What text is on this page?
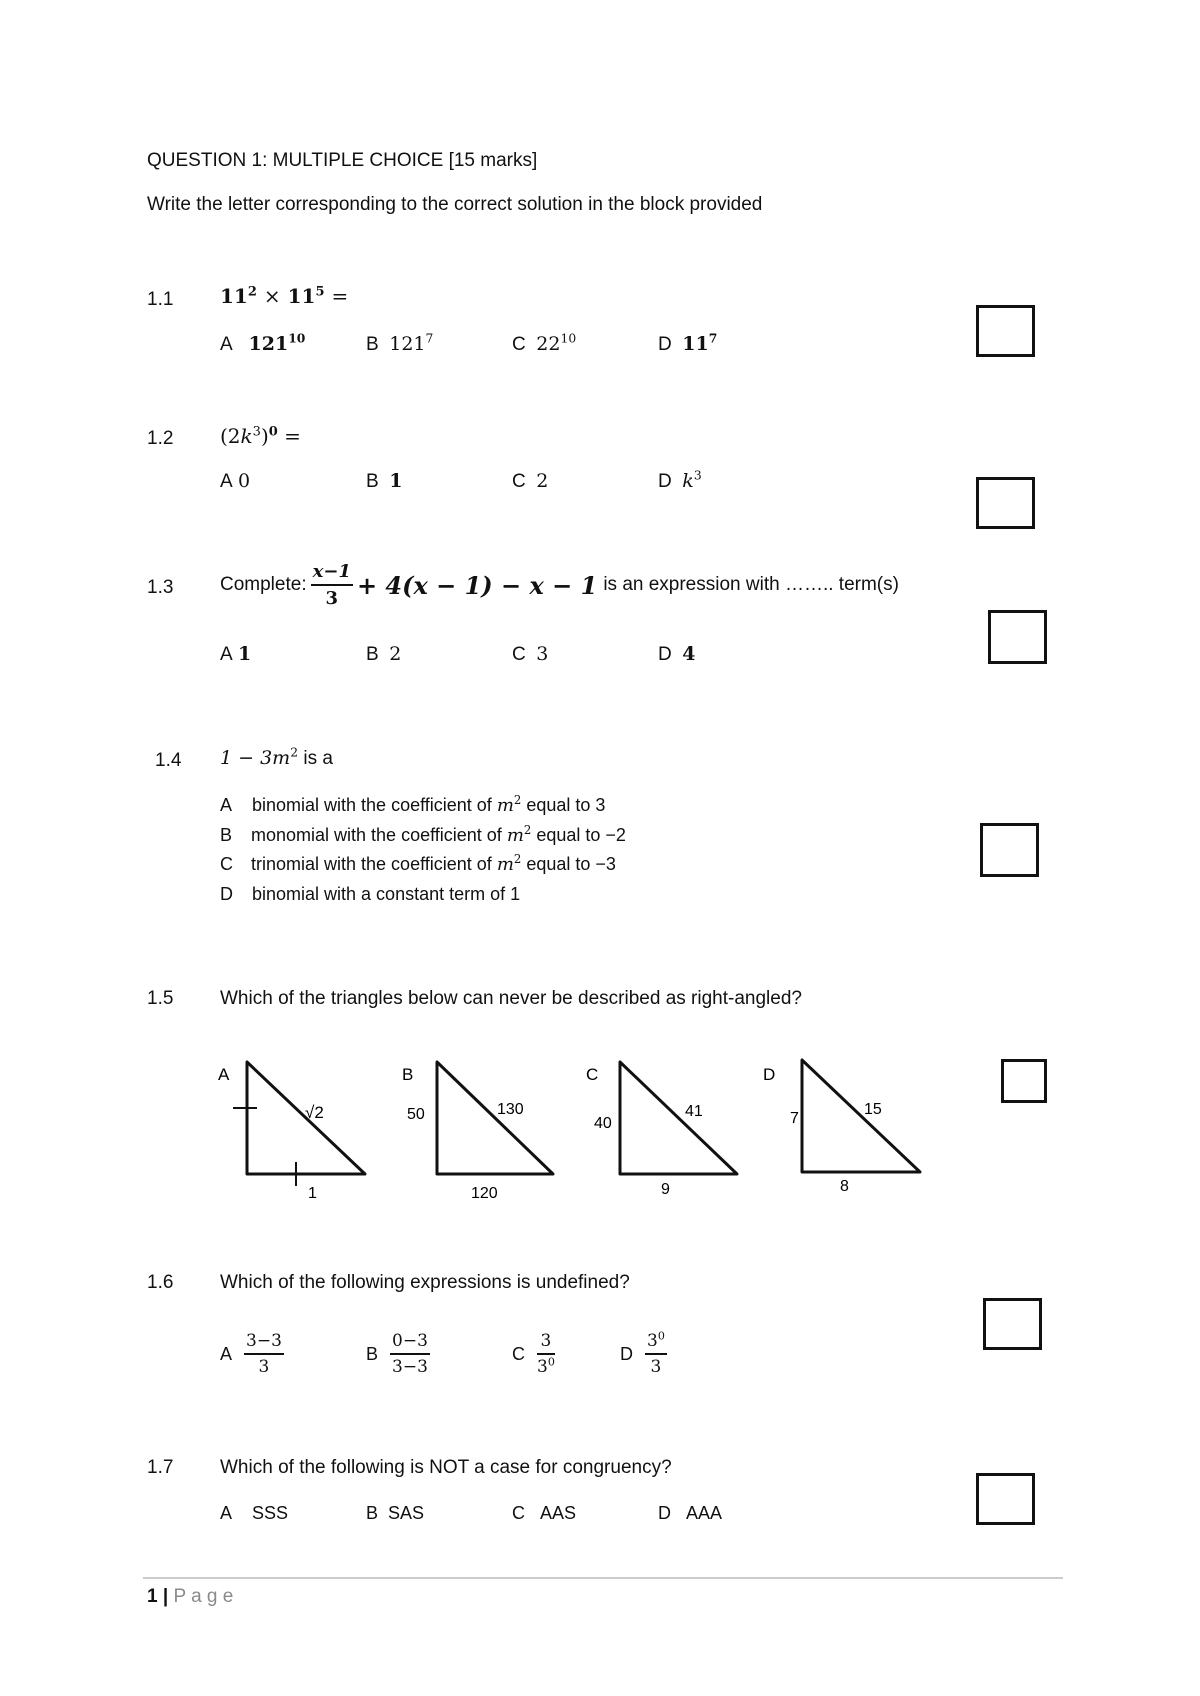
QUESTION 1: MULTIPLE CHOICE [15 marks]
Write the letter corresponding to the correct solution in the block provided
1.1 $11^2 \times 11^5$ =
A $121^{10}$	B $121^7$	C $22^{10}$	D $11^7$
1.2 $(2k^3)^0$ =
A 0	B 1	C 2	D $k^3$
1.3 Complete: $\frac{x-1}{3} + 4(x - 1) - x - 1$ is an expression with …….. term(s)
A 1	B 2	C 3	D 4
1.4 $1 - 3m^2$ is a
A binomial with the coefficient of $m^2$ equal to 3
B monomial with the coefficient of $m^2$ equal to −2
C trinomial with the coefficient of $m^2$ equal to −3
D binomial with a constant term of 1
1.5 Which of the triangles below can never be described as right-angled?
A
√2
1
B
50	130
120
C
40
41
9
D
7
15
8
1.6 Which of the following expressions is undefined?
A $\frac{3-3}{3}$	B $\frac{0-3}{3-3}$	C $\frac{3}{3^0}$	D $\frac{3^0}{3}$
1.7 Which of the following is NOT a case for congruency?
A SSS	B SAS	C AAS	D AAA
1 | P a g e
